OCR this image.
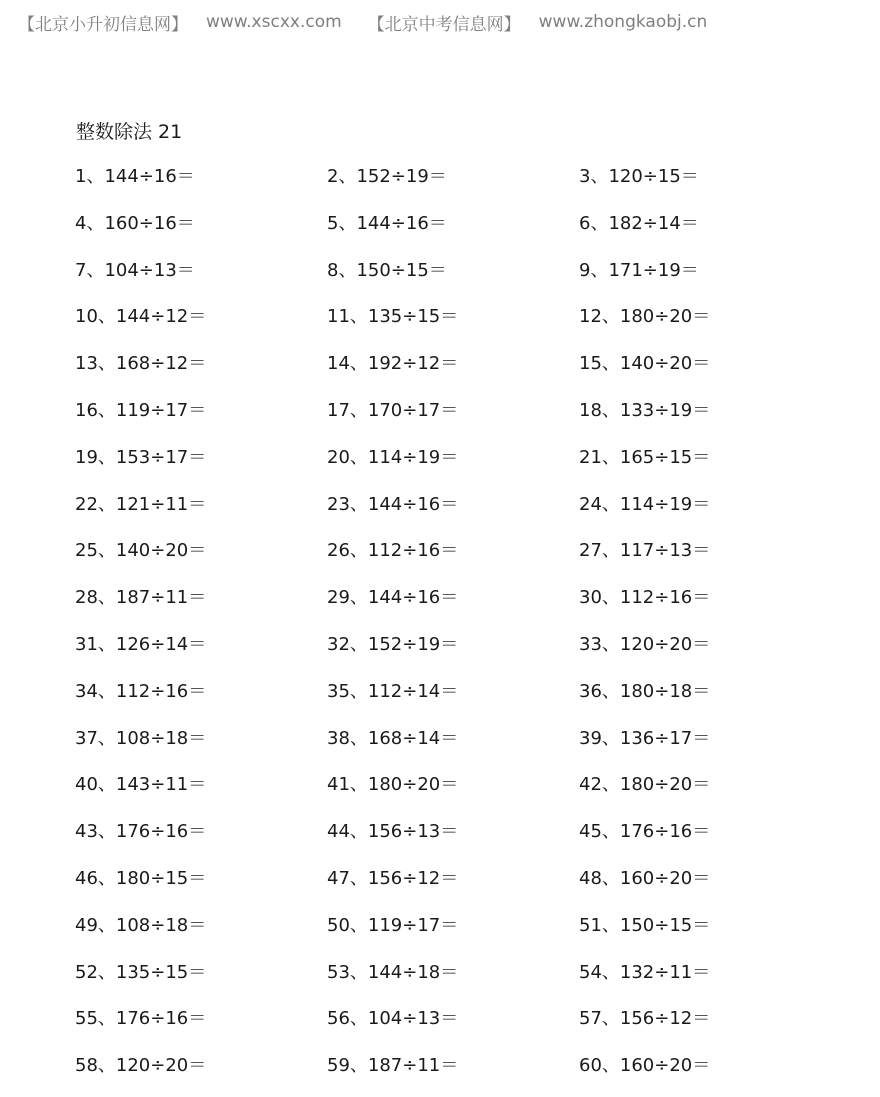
【北京小升初信息网】 www.xscxx.com 【北京中考信息网】 www.zhongkaobj.cn
整数除法 21
1、144÷16＝	2、152÷19＝	3、120÷15＝
4、160÷16＝	5、144÷16＝	6、182÷14＝
7、104÷13＝	8、150÷15＝	9、171÷19＝
10、144÷12＝	11、135÷15＝	12、180÷20＝
13、168÷12＝	14、192÷12＝	15、140÷20＝
16、119÷17＝	17、170÷17＝	18、133÷19＝
19、153÷17＝	20、114÷19＝	21、165÷15＝
22、121÷11＝	23、144÷16＝	24、114÷19＝
25、140÷20＝	26、112÷16＝	27、117÷13＝
28、187÷11＝	29、144÷16＝	30、112÷16＝
31、126÷14＝	32、152÷19＝	33、120÷20＝
34、112÷16＝	35、112÷14＝	36、180÷18＝
37、108÷18＝	38、168÷14＝	39、136÷17＝
40、143÷11＝	41、180÷20＝	42、180÷20＝
43、176÷16＝	44、156÷13＝	45、176÷16＝
46、180÷15＝	47、156÷12＝	48、160÷20＝
49、108÷18＝	50、119÷17＝	51、150÷15＝
52、135÷15＝	53、144÷18＝	54、132÷11＝
55、176÷16＝	56、104÷13＝	57、156÷12＝
58、120÷20＝	59、187÷11＝	60、160÷20＝
